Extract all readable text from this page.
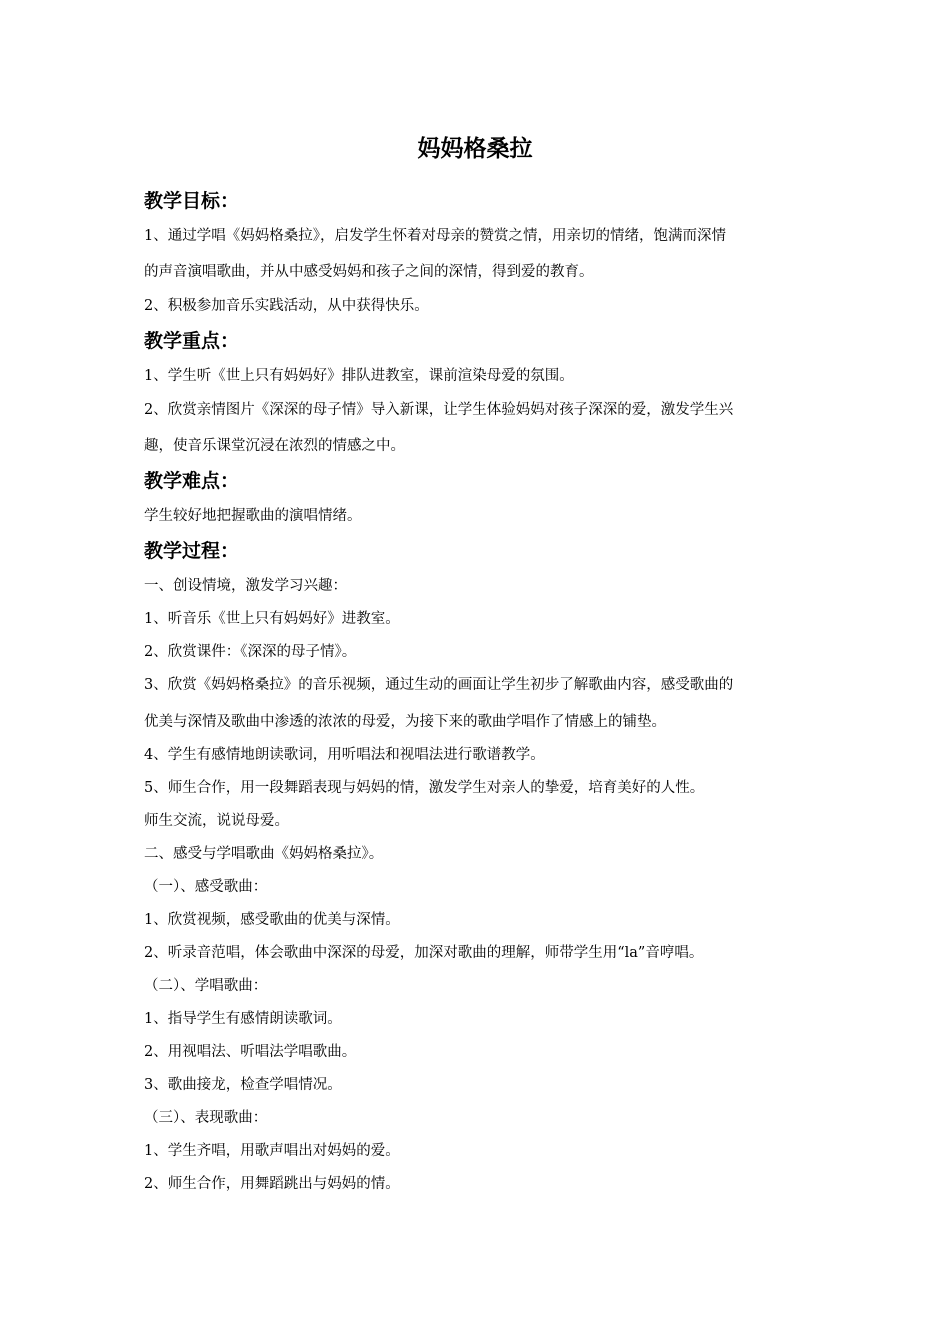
妈妈格桑拉
教学目标：

1、通过学唱《妈妈格桑拉》，启发学生怀着对母亲的赞赏之情，用亲切的情绪，饱满而深情

的声音演唱歌曲，并从中感受妈妈和孩子之间的深情，得到爱的教育。

2、积极参加音乐实践活动，从中获得快乐。

教学重点：

1、学生听《世上只有妈妈好》排队进教室，课前渲染母爱的氛围。

2、欣赏亲情图片《深深的母子情》导入新课，让学生体验妈妈对孩子深深的爱，激发学生兴

趣，使音乐课堂沉浸在浓烈的情感之中。

教学难点：

学生较好地把握歌曲的演唱情绪。

教学过程：

一、创设情境，激发学习兴趣：

1、听音乐《世上只有妈妈好》进教室。

2、欣赏课件：《深深的母子情》。

3、欣赏《妈妈格桑拉》的音乐视频，通过生动的画面让学生初步了解歌曲内容，感受歌曲的

优美与深情及歌曲中渗透的浓浓的母爱，为接下来的歌曲学唱作了情感上的铺垫。

4、学生有感情地朗读歌词，用听唱法和视唱法进行歌谱教学。

5、师生合作，用一段舞蹈表现与妈妈的情，激发学生对亲人的挚爱，培育美好的人性。

师生交流，说说母爱。

二、感受与学唱歌曲《妈妈格桑拉》。

（一）、感受歌曲：

1、欣赏视频，感受歌曲的优美与深情。

2、听录音范唱，体会歌曲中深深的母爱，加深对歌曲的理解，师带学生用“la”音哼唱。

（二）、学唱歌曲：

1、指导学生有感情朗读歌词。

2、用视唱法、听唱法学唱歌曲。

3、歌曲接龙，检查学唱情况。

（三）、表现歌曲：

1、学生齐唱，用歌声唱出对妈妈的爱。

2、师生合作，用舞蹈跳出与妈妈的情。
